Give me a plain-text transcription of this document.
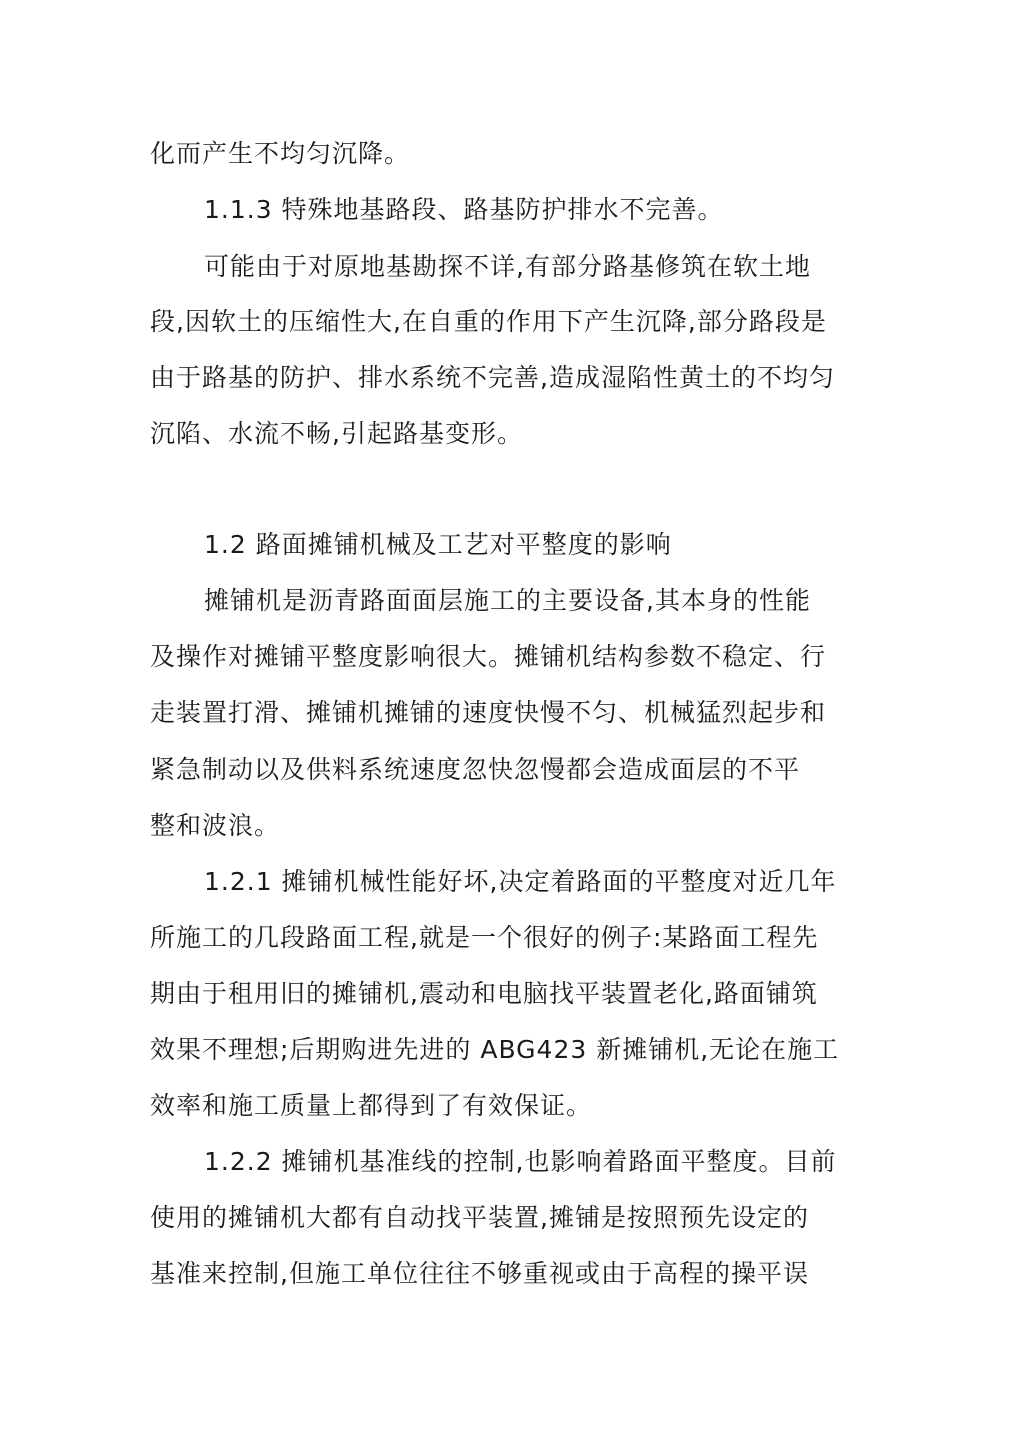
化而产生不均匀沉降。
1.1.3 特殊地基路段、路基防护排水不完善。
可能由于对原地基勘探不详,有部分路基修筑在软土地
段,因软土的压缩性大,在自重的作用下产生沉降,部分路段是
由于路基的防护、排水系统不完善,造成湿陷性黄土的不均匀
沉陷、水流不畅,引起路基变形。
1.2 路面摊铺机械及工艺对平整度的影响
摊铺机是沥青路面面层施工的主要设备,其本身的性能
及操作对摊铺平整度影响很大。摊铺机结构参数不稳定、行
走装置打滑、摊铺机摊铺的速度快慢不匀、机械猛烈起步和
紧急制动以及供料系统速度忽快忽慢都会造成面层的不平
整和波浪。
1.2.1 摊铺机械性能好坏,决定着路面的平整度对近几年
所施工的几段路面工程,就是一个很好的例子:某路面工程先
期由于租用旧的摊铺机,震动和电脑找平装置老化,路面铺筑
效果不理想;后期购进先进的 ABG423 新摊铺机,无论在施工
效率和施工质量上都得到了有效保证。
1.2.2 摊铺机基准线的控制,也影响着路面平整度。目前
使用的摊铺机大都有自动找平装置,摊铺是按照预先设定的
基准来控制,但施工单位往往不够重视或由于高程的操平误
